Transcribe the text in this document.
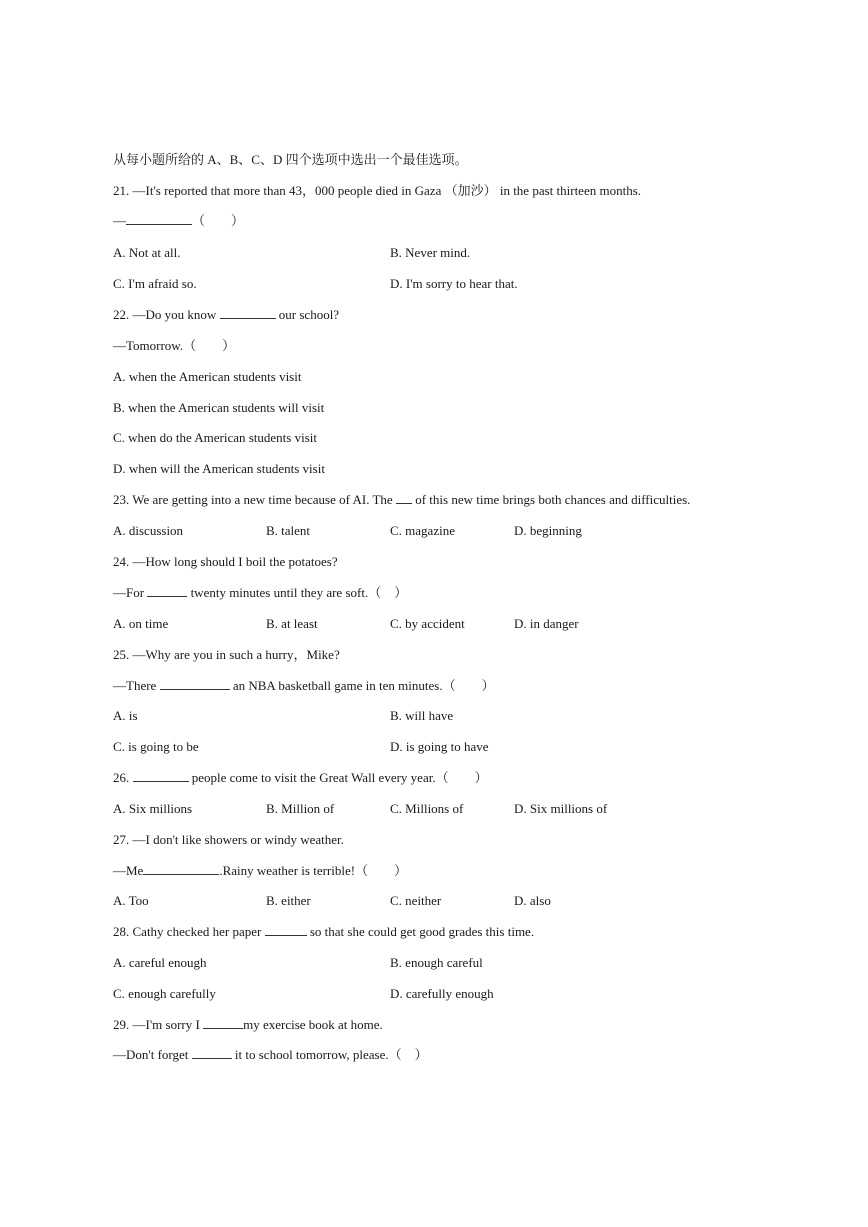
从每小题所给的 A、B、C、D 四个选项中选出一个最佳选项。
21. —It's reported that more than 43，000 people died in Gaza （加沙） in the past thirteen months.
—	（　　）
A. Not at all.	B. Never mind.
C. I'm afraid so.	D. I'm sorry to hear that.
22. —Do you know	our school?
—Tomorrow.（　　）
A. when the American students visit
B. when the American students will visit
C. when do the American students visit
D. when will the American students visit
23. We are getting into a new time because of AI. The  of this new time brings both chances and difficulties.
A. discussion	B. talent	C. magazine	D. beginning
24. —How long should I boil the potatoes?
—For	twenty minutes until they are soft.（　）
A. on time	B. at least	C. by accident	D. in danger
25. —Why are you in such a hurry，Mike?
—There	an NBA basketball game in ten minutes.（　　）
A. is	B. will have
C. is going to be	D. is going to have
26.	people come to visit the Great Wall every year.（　　）
A. Six millions	B. Million of	C. Millions of	D. Six millions of
27. —I don't like showers or windy weather.
—Me	.Rainy weather is terrible!（　　）
A. Too	B. either	C. neither	D. also
28. Cathy checked her paper	so that she could get good grades this time.
A. careful enough	B. enough careful
C. enough carefully	D. carefully enough
29. —I'm sorry I	my exercise book at home.
—Don't forget	it to school tomorrow, please.（　）
